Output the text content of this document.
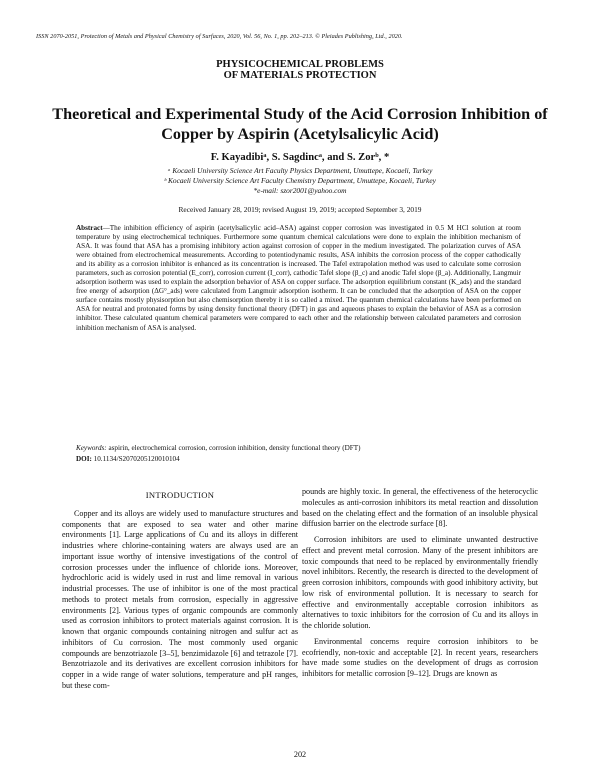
ISSN 2070-2051, Protection of Metals and Physical Chemistry of Surfaces, 2020, Vol. 56, No. 1, pp. 202–213. © Pleiades Publishing, Ltd., 2020.
PHYSICOCHEMICAL PROBLEMS
OF MATERIALS PROTECTION
Theoretical and Experimental Study of the Acid Corrosion Inhibition of Copper by Aspirin (Acetylsalicylic Acid)
F. Kayadibiᵃ, S. Sagdincᵃ, and S. Zorᵇ, *
ᵃ Kocaeli University Science Art Faculty Physics Department, Umuttepe, Kocaeli, Turkey
ᵇ Kocaeli University Science Art Faculty Chemistry Department, Umuttepe, Kocaeli, Turkey
*e-mail: szor2001@yahoo.com
Received January 28, 2019; revised August 19, 2019; accepted September 3, 2019
Abstract—The inhibition efficiency of aspirin (acetylsalicylic acid–ASA) against copper corrosion was investigated in 0.5 M HCl solution at room temperature by using electrochemical techniques. Furthermore some quantum chemical calculations were done to explain the inhibition mechanism of ASA. It was found that ASA has a promising inhibitory action against corrosion of copper in the medium investigated. The polarization curves of ASA were obtained from electrochemical measurements. According to potentiodynamic results, ASA inhibits the corrosion process of the copper cathodically and its ability as a corrosion inhibitor is enhanced as its concentration is increased. The Tafel extrapolation method was used to calculate some corrosion parameters, such as corrosion potential (E_corr), corrosion current (I_corr), cathodic Tafel slope (β_c) and anodic Tafel slope (β_a). Additionally, Langmuir adsorption isotherm was used to explain the adsorption behavior of ASA on copper surface. The adsorption equilibrium constant (K_ads) and the standard free energy of adsorption (ΔG°_ads) were calculated from Langmuir adsorption isotherm. It can be concluded that the adsorption of ASA on the copper surface contains mostly physisorption but also chemisorption thereby it is so called a mixed. The quantum chemical calculations have been performed on ASA for neutral and protonated forms by using density functional theory (DFT) in gas and aqueous phases to explain the behavior of ASA as a corrosion inhibitor. These calculated quantum chemical parameters were compared to each other and the relationship between calculated parameters and corrosion inhibition mechanism of ASA is analysed.
Keywords: aspirin, electrochemical corrosion, corrosion inhibition, density functional theory (DFT)
DOI: 10.1134/S2070205120010104
INTRODUCTION

Copper and its alloys are widely used to manufacture structures and components that are exposed to sea water and other marine environments [1]. Large applications of Cu and its alloys in different industries where chlorine-containing waters are always used are an important issue worthy of intensive investigations of the control of corrosion processes under the influence of chloride ions. Moreover, hydrochloric acid is widely used in rust and lime removal in various industrial processes. The use of inhibitor is one of the most practical methods to protect metals from corrosion, especially in aggressive environments [2]. Various types of organic compounds are commonly used as corrosion inhibitors to protect materials against corrosion. It is known that organic compounds containing nitrogen and sulfur act as inhibitors of Cu corrosion. The most commonly used organic compounds are benzotriazole [3–5], benzimidazole [6] and tetrazole [7]. Benzotriazole and its derivatives are excellent corrosion inhibitors for copper in a wide range of water solutions, temperature and pH ranges, but these com-

pounds are highly toxic. In general, the effectiveness of the heterocyclic molecules as anti-corrosion inhibitors its metal reaction and dissolution based on the chelating effect and the formation of an insoluble physical diffusion barrier on the electrode surface [8].

Corrosion inhibitors are used to eliminate unwanted destructive effect and prevent metal corrosion. Many of the present inhibitors are toxic compounds that need to be replaced by environmentally friendly novel inhibitors. Recently, the research is directed to the development of green corrosion inhibitors, compounds with good inhibitory activity, but low risk of environmental pollution. It is necessary to search for effective and environmentally acceptable corrosion inhibitors as alternatives to toxic inhibitors for the corrosion of Cu and its alloys in the chloride solution.

Environmental concerns require corrosion inhibitors to be ecofriendly, non-toxic and acceptable [2]. In recent years, researchers have made some studies on the development of drugs as corrosion inhibitors for metallic corrosion [9–12]. Drugs are known as

202
